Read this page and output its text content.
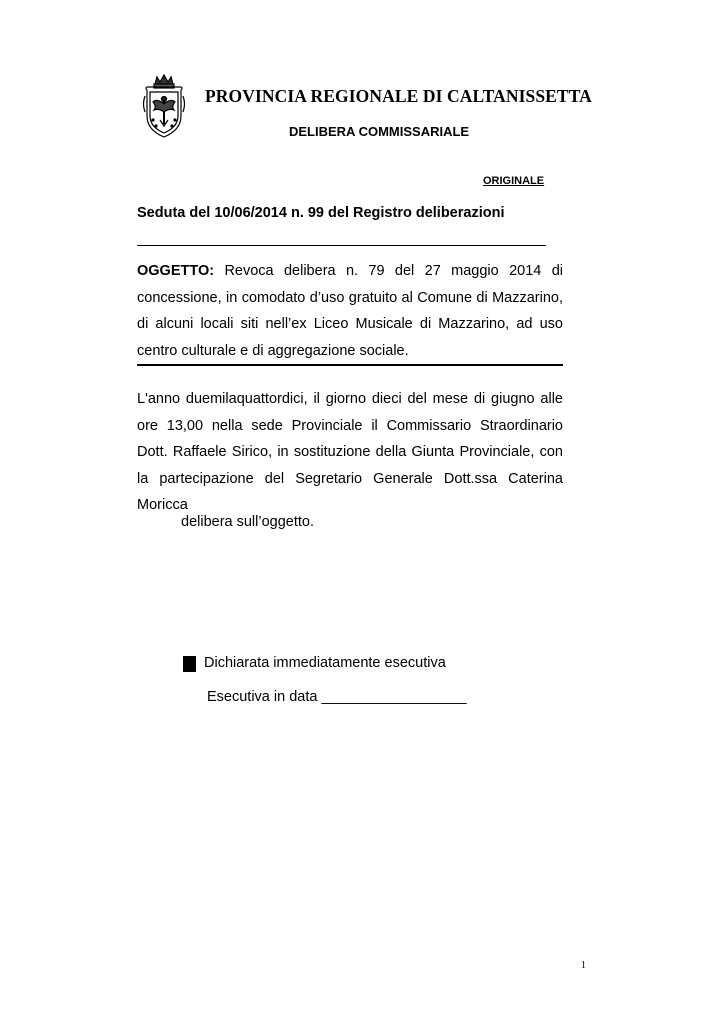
PROVINCIA REGIONALE DI CALTANISSETTA
DELIBERA COMMISSARIALE
ORIGINALE
Seduta del 10/06/2014 n. 99 del Registro deliberazioni
OGGETTO: Revoca delibera n. 79 del 27 maggio 2014 di concessione, in comodato d’uso gratuito al Comune di Mazzarino, di alcuni locali siti nell’ex Liceo Musicale di Mazzarino, ad uso centro culturale e di aggregazione sociale.
L'anno duemilaquattordici, il giorno dieci del mese di giugno alle ore 13,00 nella sede Provinciale il Commissario Straordinario Dott. Raffaele Sirico, in sostituzione della Giunta Provinciale, con la partecipazione del Segretario Generale Dott.ssa Caterina Moricca
delibera sull’oggetto.
Dichiarata immediatamente esecutiva
Esecutiva in data __________________
1
